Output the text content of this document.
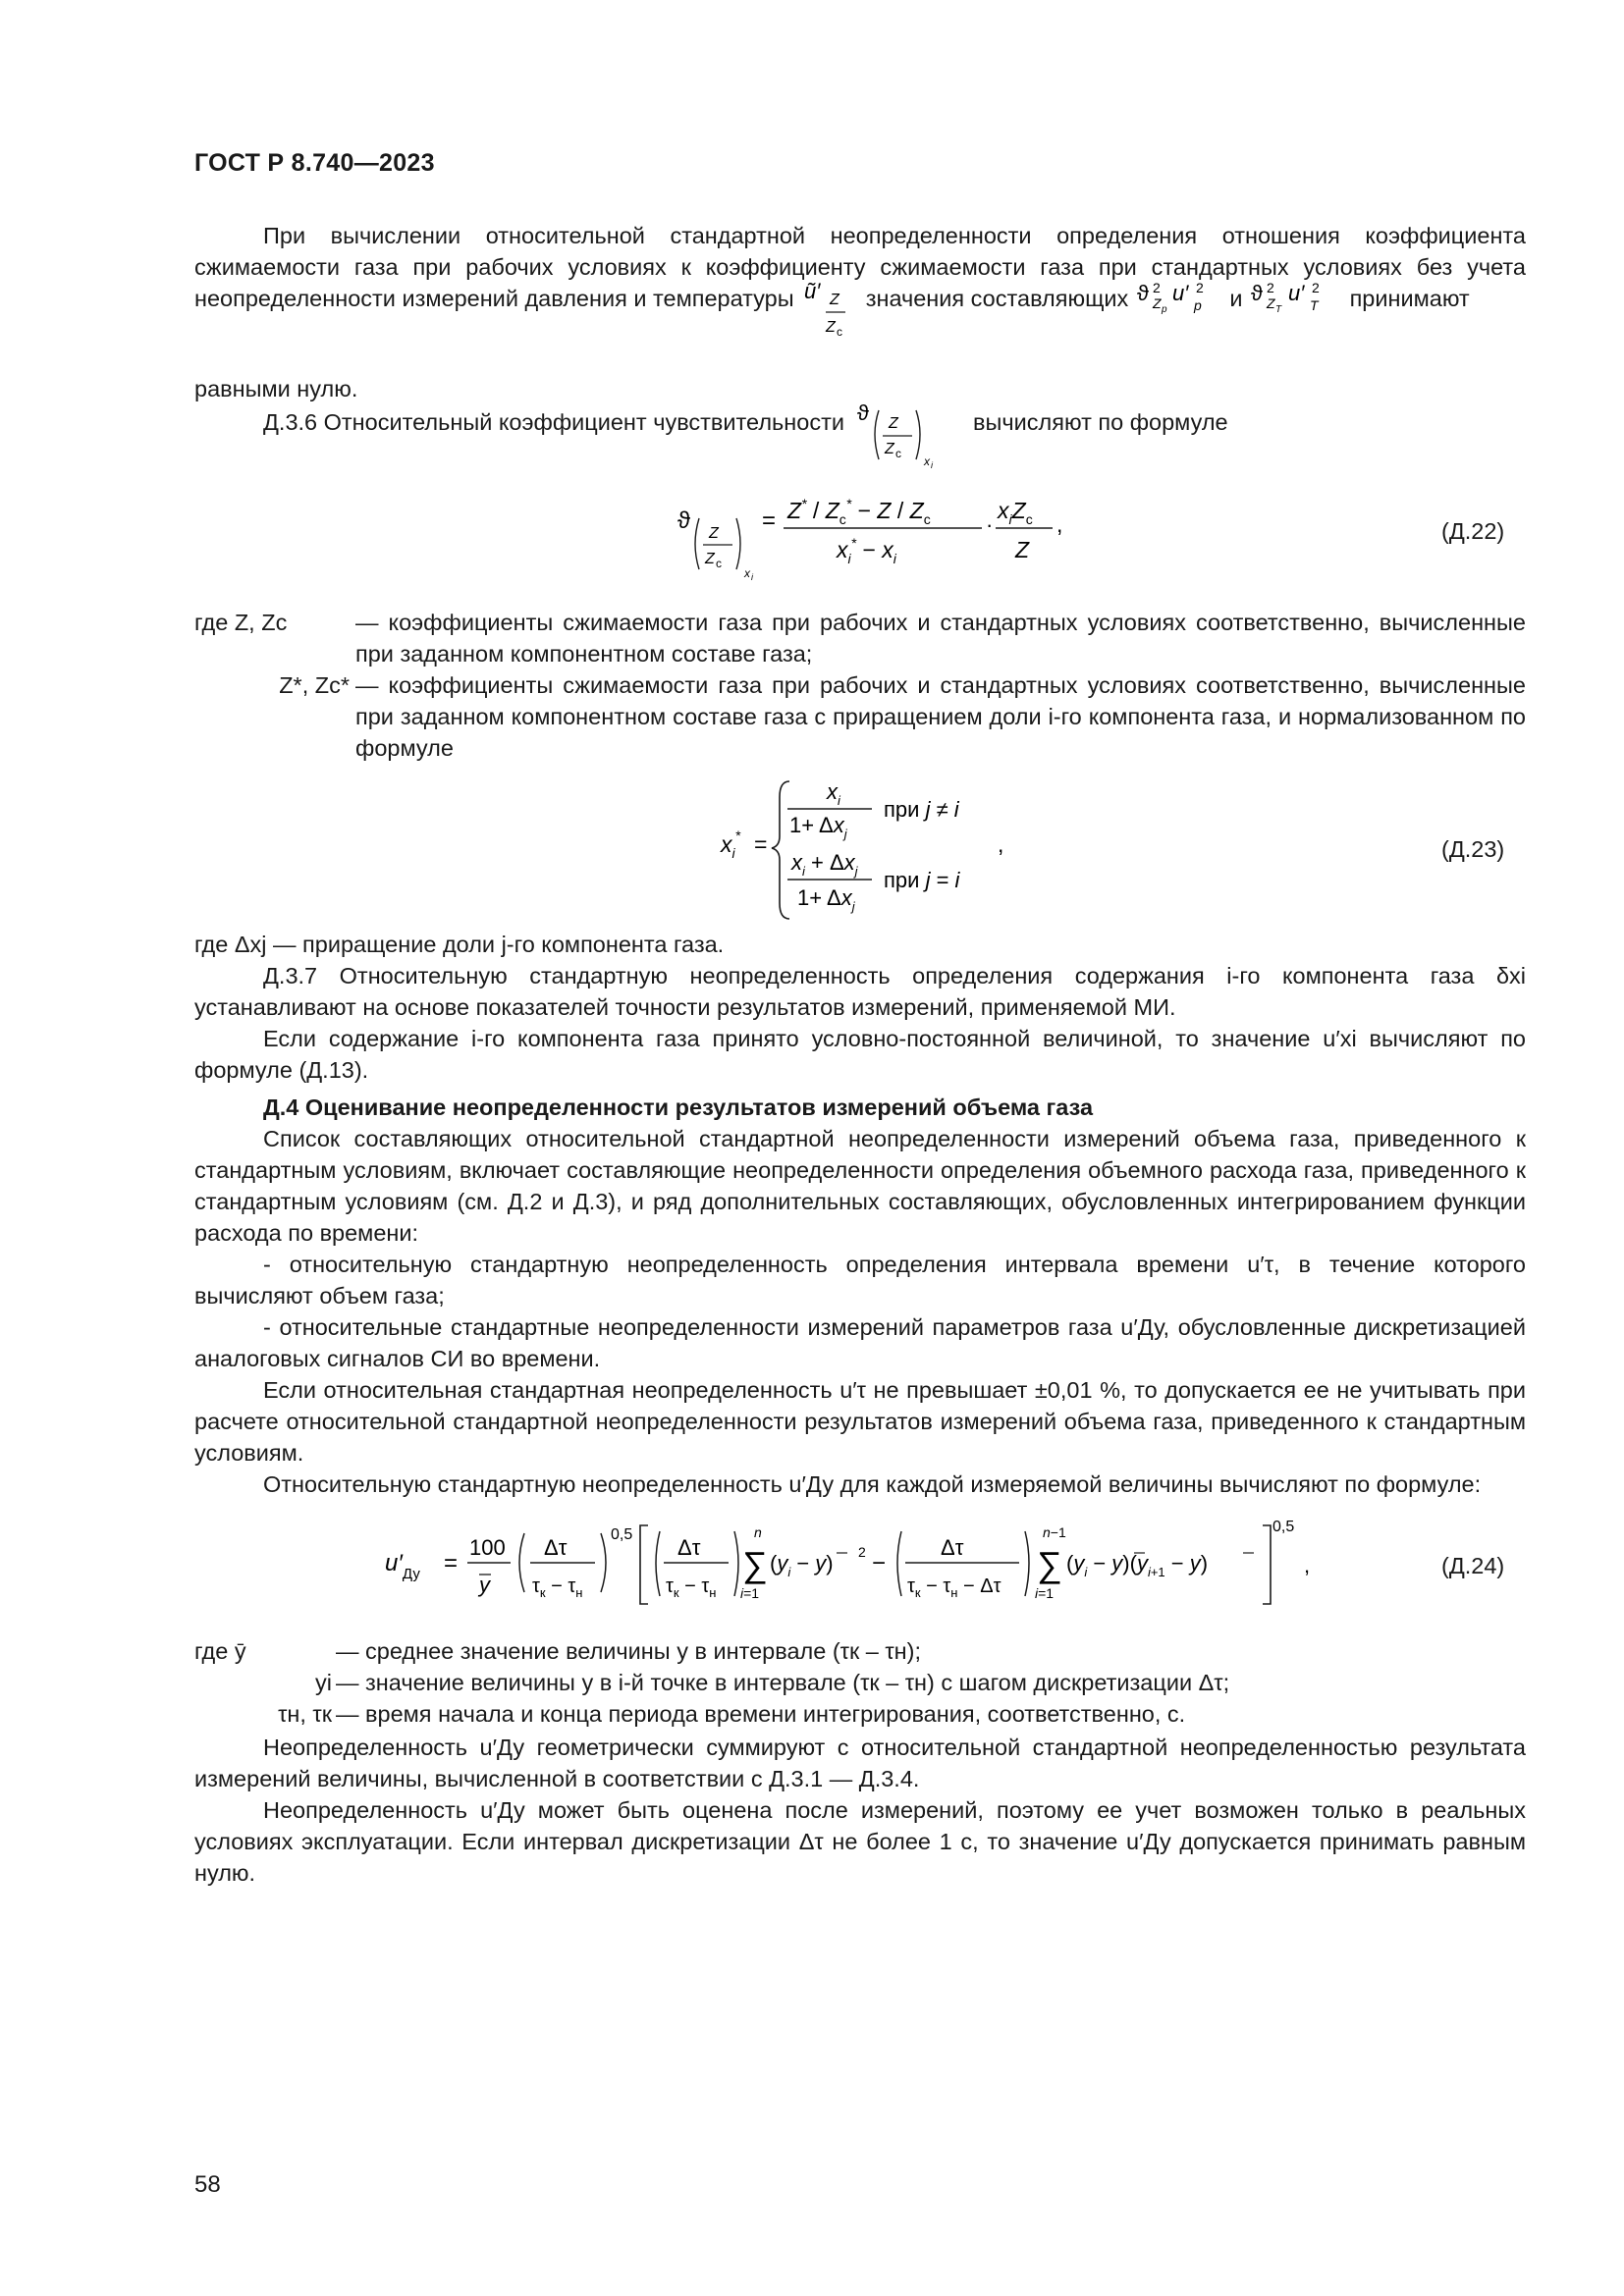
ГОСТ Р 8.740—2023

При вычислении относительной стандартной неопределенности определения отношения коэффициента сжимаемости газа при рабочих условиях к коэффициенту сжимаемости газа при стандартных условиях без учета неопределенности измерений давления и температуры ũ′ Z
Z с
значения составляющих ϑ 2
Z p
u′ 2
p и ϑ 2
Z T
u′ 2
T принимают

равными нулю.
Д.3.6 Относительный коэффициент чувствительности ϑ Z
Z с
x i
вычисляют по формуле
ϑ Z
Z с
x i
= $Z^* / Z_с^* - Z / Z_с$
$x_i^* - x_i$
·
$x_iZ_с$
Z
,	(Д.22)
где Z, Zс	— коэффициенты сжимаемости газа при рабочих и стандартных условиях соответственно, вычисленные при заданном компонентном составе газа;
Z*, Zс* — коэффициенты сжимаемости газа при рабочих и стандартных условиях соответственно, вычисленные при заданном компонентном составе газа с приращением доли i-го компонента газа, и нормализованном по формуле
$x_i^*$ =
$x_i$
$1+ \Delta x_j$
при j ≠ i
$x_i + \Delta x_j$
$1+ \Delta x_j$
при j = i
,	(Д.23)
где Δxj — приращение доли j-го компонента газа.

Д.3.7 Относительную стандартную неопределенность определения содержания i-го компонента газа δxi устанавливают на основе показателей точности результатов измерений, применяемой МИ.

Если содержание i-го компонента газа принято условно-постоянной величиной, то значение u′xi вычисляют по формуле (Д.13).

Д.4 Оценивание неопределенности результатов измерений объема газа

Список составляющих относительной стандартной неопределенности измерений объема газа, приведенного к стандартным условиям, включает составляющие неопределенности определения объемного расхода газа, приведенного к стандартным условиям (см. Д.2 и Д.3), и ряд дополнительных составляющих, обусловленных интегрированием функции расхода по времени:

- относительную стандартную неопределенность определения интервала времени u′τ, в течение которого вычисляют объем газа;

- относительные стандартные неопределенности измерений параметров газа u′Ду, обусловленные дискретизацией аналоговых сигналов СИ во времени.

Если относительная стандартная неопределенность u′τ не превышает ±0,01 %, то допускается ее не учитывать при расчете относительной стандартной неопределенности результатов измерений объема газа, приведенного к стандартным условиям.

Относительную стандартную неопределенность u′Ду для каждой измеряемой величины вычисляют по формуле:

$u'_{Ду}$ =
100
y
Δτ
$\tau_к - \tau_н$
0,5
Δτ
$\tau_к - \tau_н$
n
∑
i=1
$(y_i - y) 2$ −
Δτ
$\tau_к - \tau_н - \Delta\tau$
n−1
∑
i=1
$(y_i - y)(y_{i+1} - y)$
0,5
,	(Д.24)
где ȳ	— среднее значение величины y в интервале (τк – τн);
yi — значение величины y в i-й точке в интервале (τк – τн) с шагом дискретизации Δτ;
τн, τк — время начала и конца периода времени интегрирования, соответственно, с.

Неопределенность u′Ду геометрически суммируют с относительной стандартной неопределенностью результата измерений величины, вычисленной в соответствии с Д.3.1 — Д.3.4.

Неопределенность u′Ду может быть оценена после измерений, поэтому ее учет возможен только в реальных условиях эксплуатации. Если интервал дискретизации Δτ не более 1 с, то значение u′Ду допускается принимать равным нулю.

58
